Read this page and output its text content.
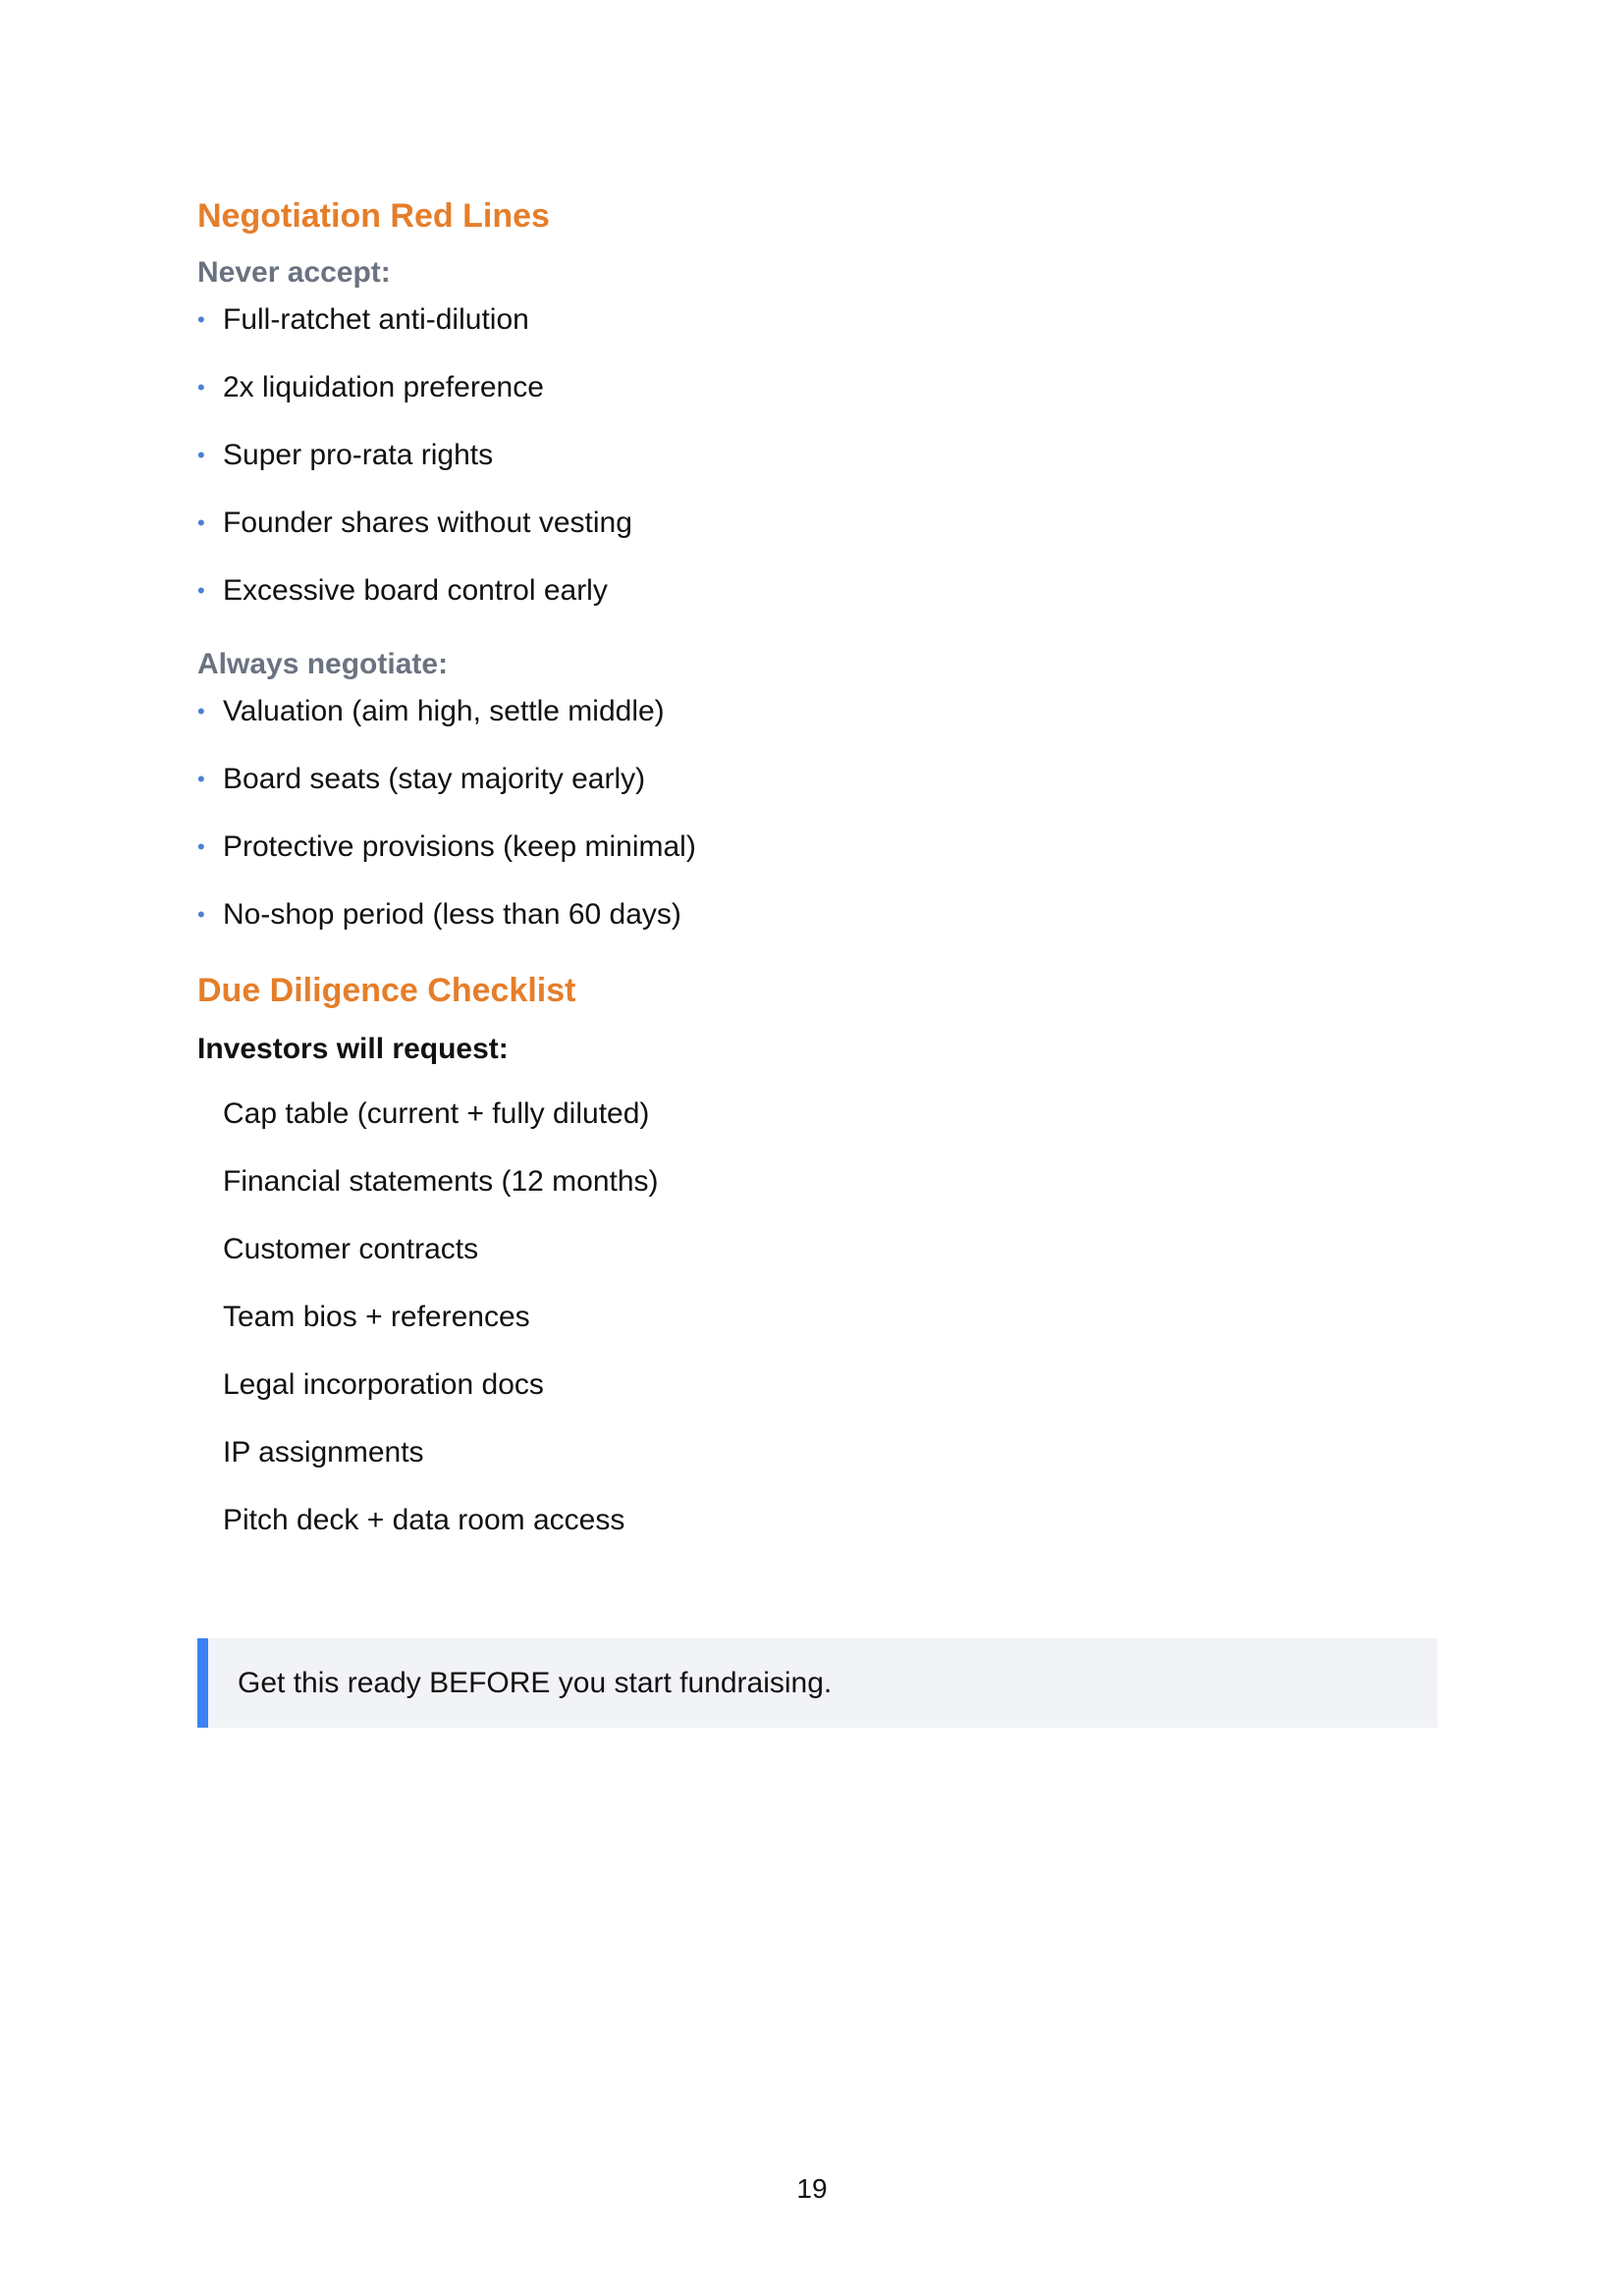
Negotiation Red Lines

Never accept:

• Full-ratchet anti-dilution
• 2x liquidation preference
• Super pro-rata rights
• Founder shares without vesting
• Excessive board control early

Always negotiate:

• Valuation (aim high, settle middle)
• Board seats (stay majority early)
• Protective provisions (keep minimal)
• No-shop period (less than 60 days)
Due Diligence Checklist

Investors will request:

Cap table (current + fully diluted)
Financial statements (12 months)
Customer contracts
Team bios + references
Legal incorporation docs
IP assignments
Pitch deck + data room access
Get this ready BEFORE you start fundraising.
19
